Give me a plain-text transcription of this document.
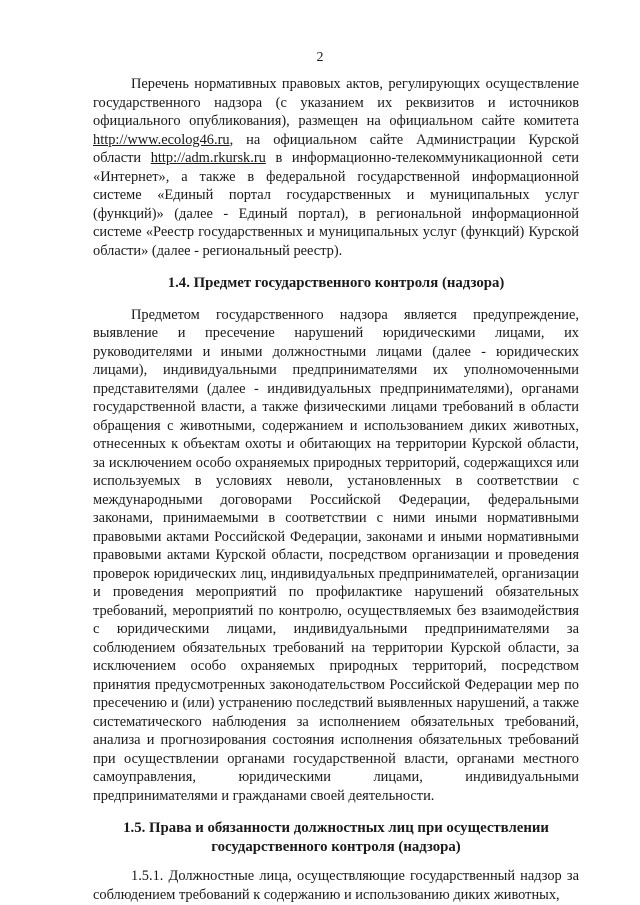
2

Перечень нормативных правовых актов, регулирующих осуществление государственного надзора (с указанием их реквизитов и источников официального опубликования), размещен на официальном сайте комитета http://www.ecolog46.ru, на официальном сайте Администрации Курской области http://adm.rkursk.ru в информационно-телекоммуникационной сети «Интернет», а также в федеральной государственной информационной системе «Единый портал государственных и муниципальных услуг (функций)» (далее - Единый портал), в региональной информационной системе «Реестр государственных и муниципальных услуг (функций) Курской области» (далее - региональный реестр).

1.4. Предмет государственного контроля (надзора)

Предметом государственного надзора является предупреждение, выявление и пресечение нарушений юридическими лицами, их руководителями и иными должностными лицами (далее - юридических лицами), индивидуальными предпринимателями их уполномоченными представителями (далее - индивидуальных предпринимателями), органами государственной власти, а также физическими лицами требований в области обращения с животными, содержанием и использованием диких животных, отнесенных к объектам охоты и обитающих на территории Курской области, за исключением особо охраняемых природных территорий, содержащихся или используемых в условиях неволи, установленных в соответствии с международными договорами Российской Федерации, федеральными законами, принимаемыми в соответствии с ними иными нормативными правовыми актами Российской Федерации, законами и иными нормативными правовыми актами Курской области, посредством организации и проведения проверок юридических лиц, индивидуальных предпринимателей, организации и проведения мероприятий по профилактике нарушений обязательных требований, мероприятий по контролю, осуществляемых без взаимодействия с юридическими лицами, индивидуальными предпринимателями за соблюдением обязательных требований на территории Курской области, за исключением особо охраняемых природных территорий, посредством принятия предусмотренных законодательством Российской Федерации мер по пресечению и (или) устранению последствий выявленных нарушений, а также систематического наблюдения за исполнением обязательных требований, анализа и прогнозирования состояния исполнения обязательных требований при осуществлении органами государственной власти, органами местного самоуправления, юридическими лицами, индивидуальными предпринимателями и гражданами своей деятельности.

1.5. Права и обязанности должностных лиц при осуществлении
государственного контроля (надзора)

1.5.1. Должностные лица, осуществляющие государственный надзор за соблюдением требований к содержанию и использованию диких животных,
